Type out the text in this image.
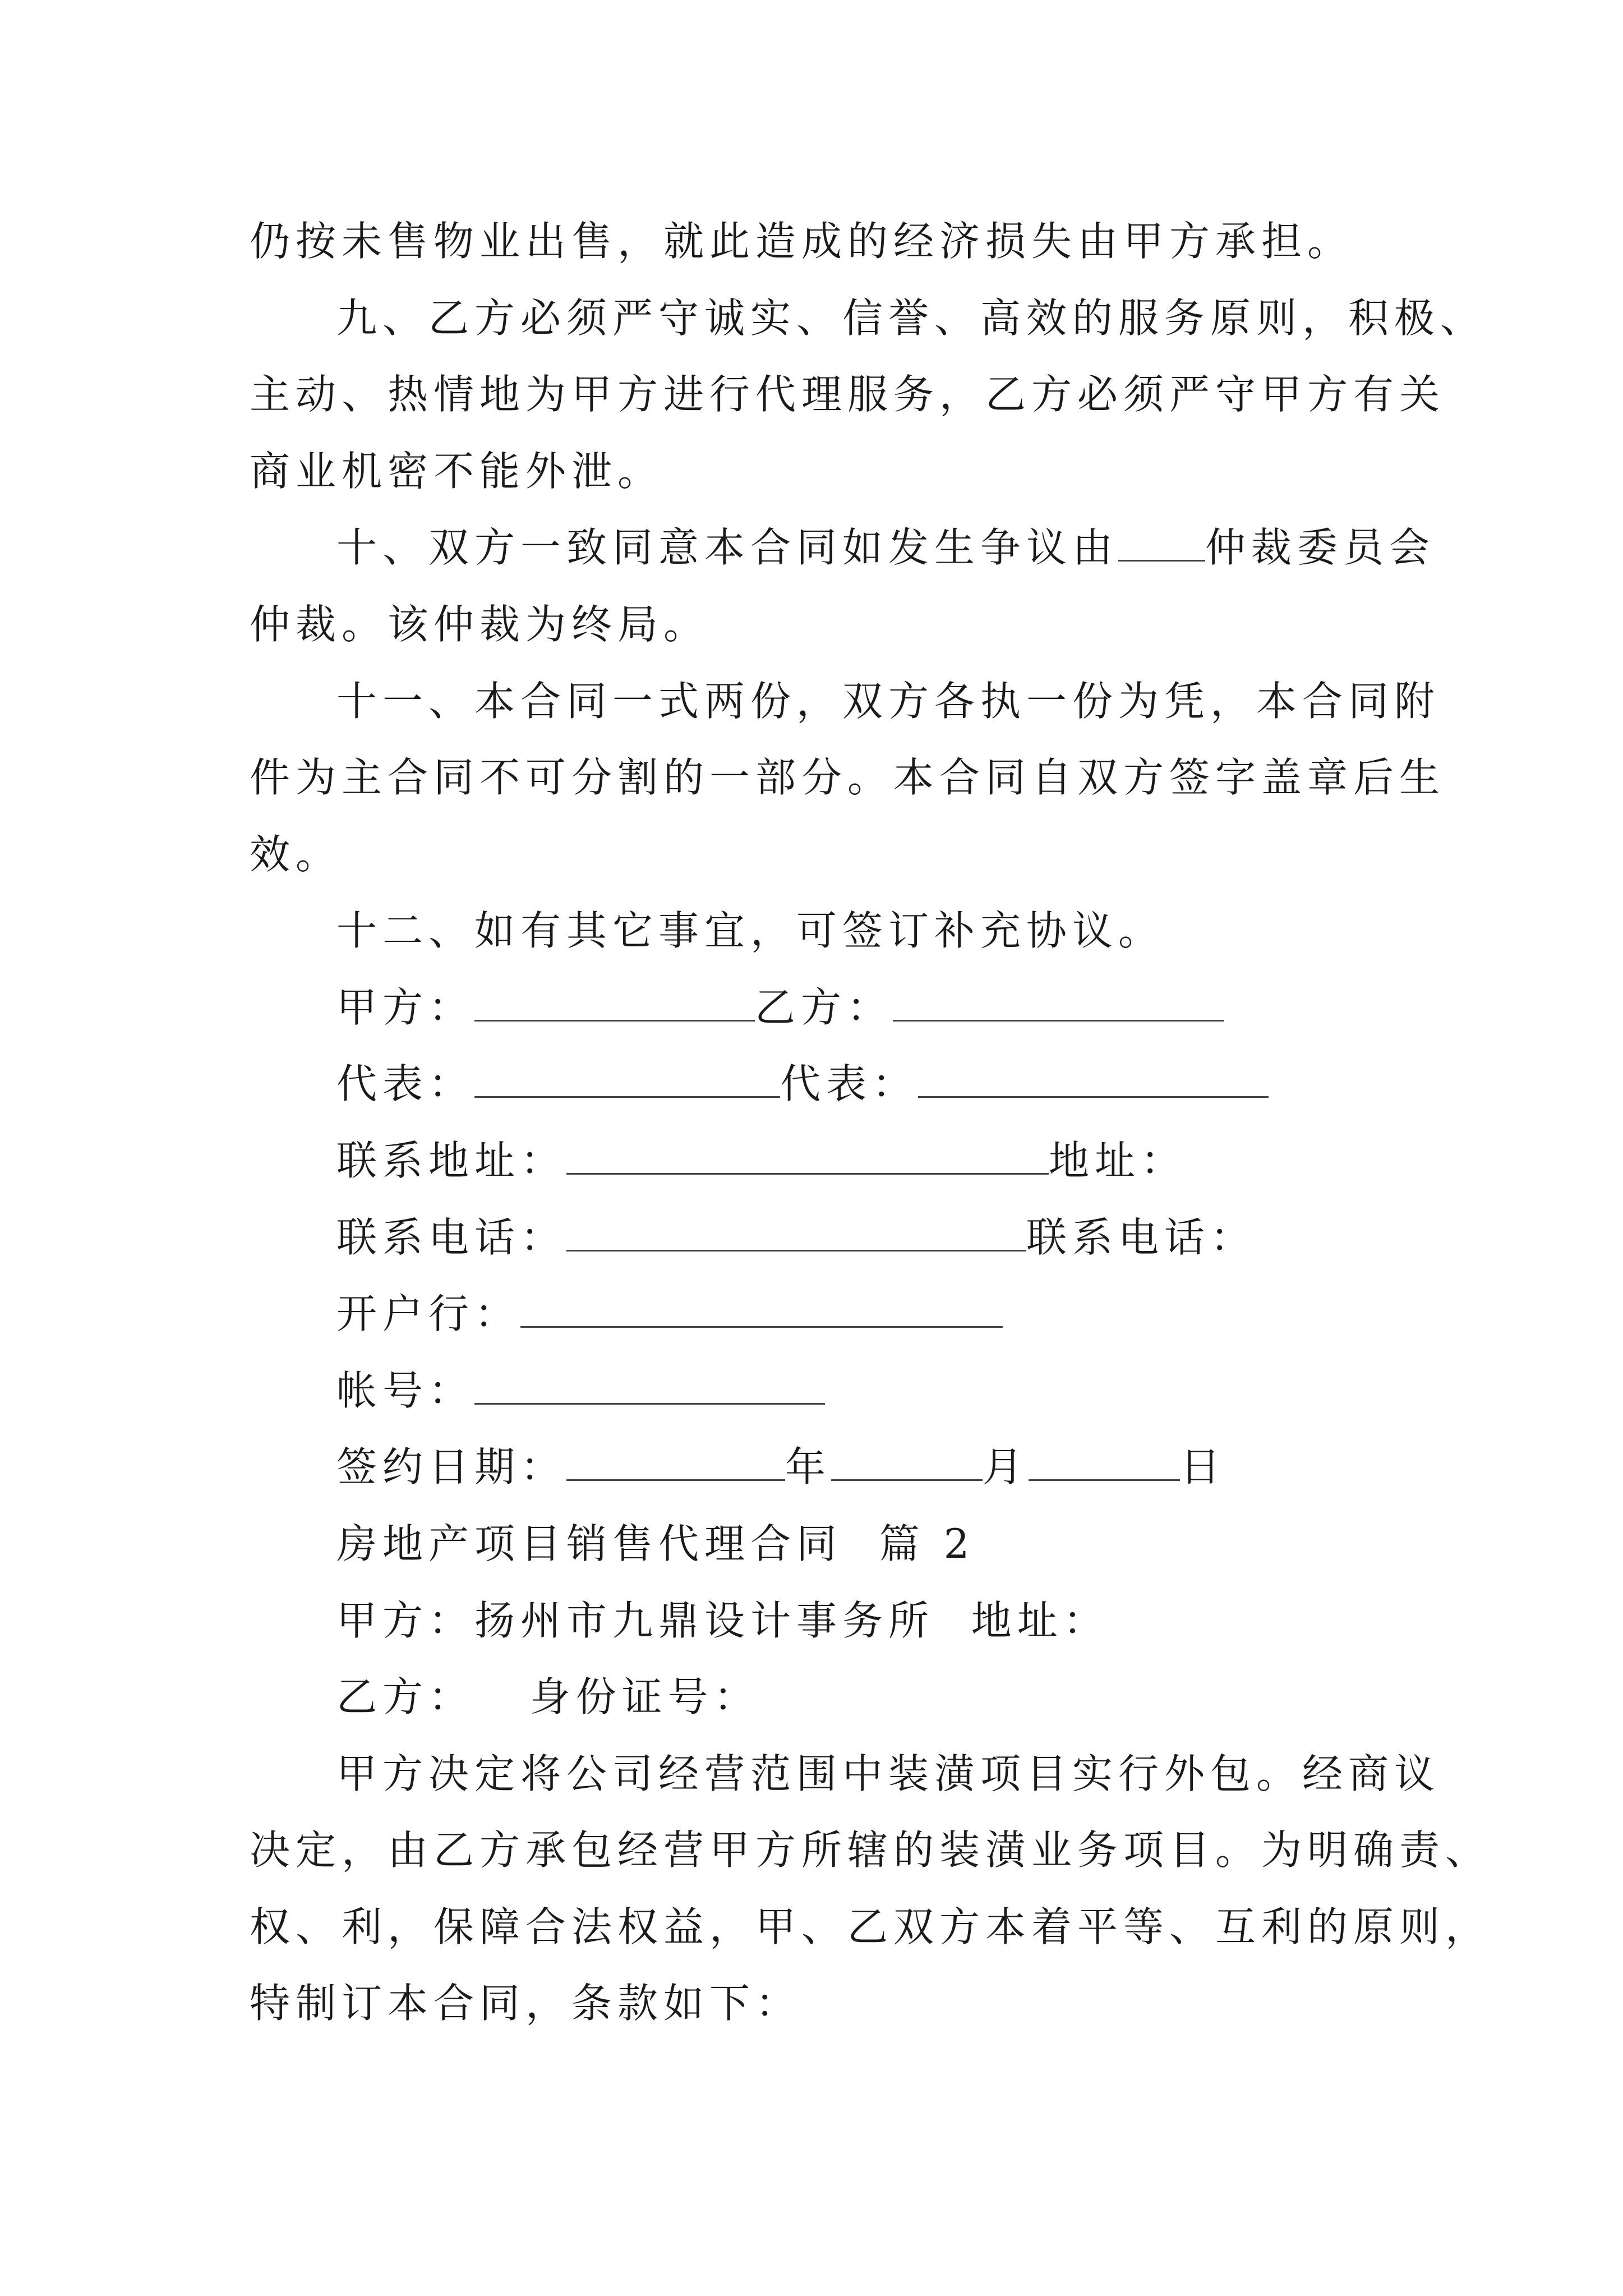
仍按未售物业出售，就此造成的经济损失由甲方承担。
九、乙方必须严守诚实、信誉、高效的服务原则，积极、
主动、热情地为甲方进行代理服务，乙方必须严守甲方有关
商业机密不能外泄。
十、双方一致同意本合同如发生争议由 仲裁委员会
仲裁。该仲裁为终局。
十一、本合同一式两份，双方各执一份为凭，本合同附
件为主合同不可分割的一部分。本合同自双方签字盖章后生
效。
十二、如有其它事宜，可签订补充协议。
甲方：	乙方：
代表：	代表：
联系地址：	地址：
联系电话：	联系电话：
开户行：
帐号：
签约日期：	年	月	日
房地产项目销售代理合同  篇 2
甲方：扬州市九鼎设计事务所  地址：
乙方：   身份证号：
甲方决定将公司经营范围中装潢项目实行外包。经商议
决定，由乙方承包经营甲方所辖的装潢业务项目。为明确责、
权、利，保障合法权益，甲、乙双方本着平等、互利的原则，
特制订本合同，条款如下：
